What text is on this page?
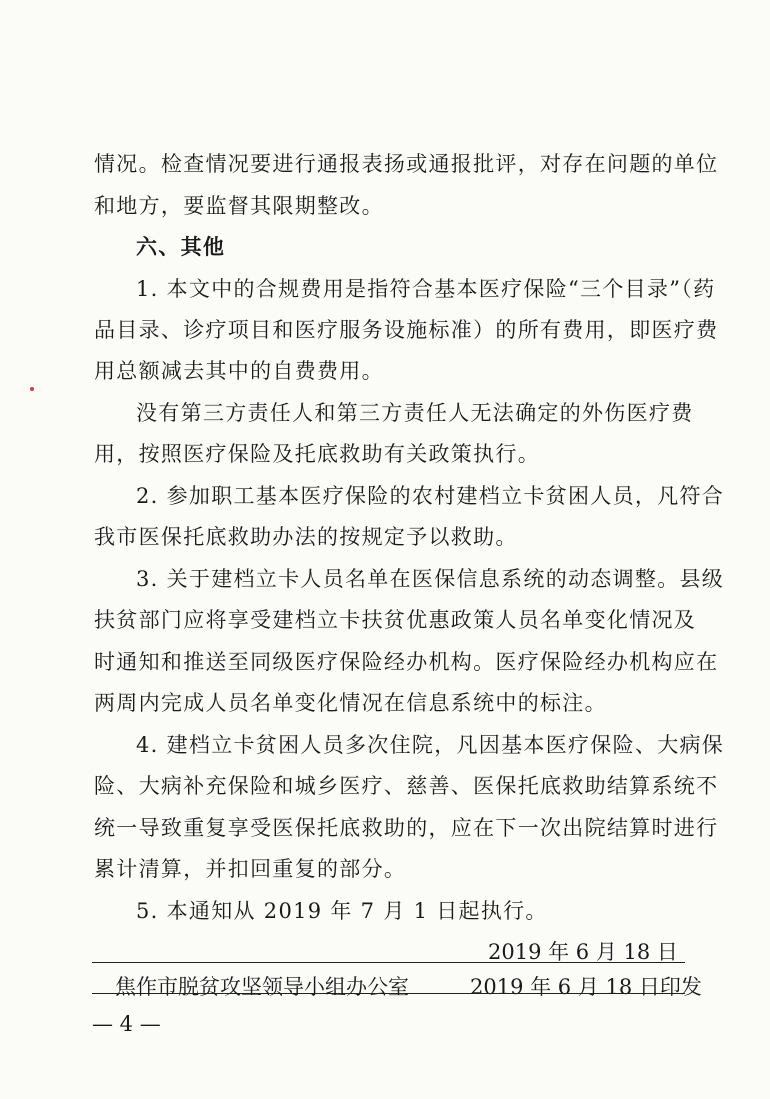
情况。检查情况要进行通报表扬或通报批评，对存在问题的单位
和地方，要监督其限期整改。
六、其他
1. 本文中的合规费用是指符合基本医疗保险“三个目录”（药
品目录、诊疗项目和医疗服务设施标准）的所有费用，即医疗费
用总额减去其中的自费费用。
没有第三方责任人和第三方责任人无法确定的外伤医疗费
用，按照医疗保险及托底救助有关政策执行。
2. 参加职工基本医疗保险的农村建档立卡贫困人员，凡符合
我市医保托底救助办法的按规定予以救助。
3. 关于建档立卡人员名单在医保信息系统的动态调整。县级
扶贫部门应将享受建档立卡扶贫优惠政策人员名单变化情况及
时通知和推送至同级医疗保险经办机构。医疗保险经办机构应在
两周内完成人员名单变化情况在信息系统中的标注。
4. 建档立卡贫困人员多次住院，凡因基本医疗保险、大病保
险、大病补充保险和城乡医疗、慈善、医保托底救助结算系统不
统一导致重复享受医保托底救助的，应在下一次出院结算时进行
累计清算，并扣回重复的部分。
5. 本通知从 2019 年 7 月 1 日起执行。
2019 年 6 月 18 日
焦作市脱贫攻坚领导小组办公室	2019 年 6 月 18 日印发
— 4 —
